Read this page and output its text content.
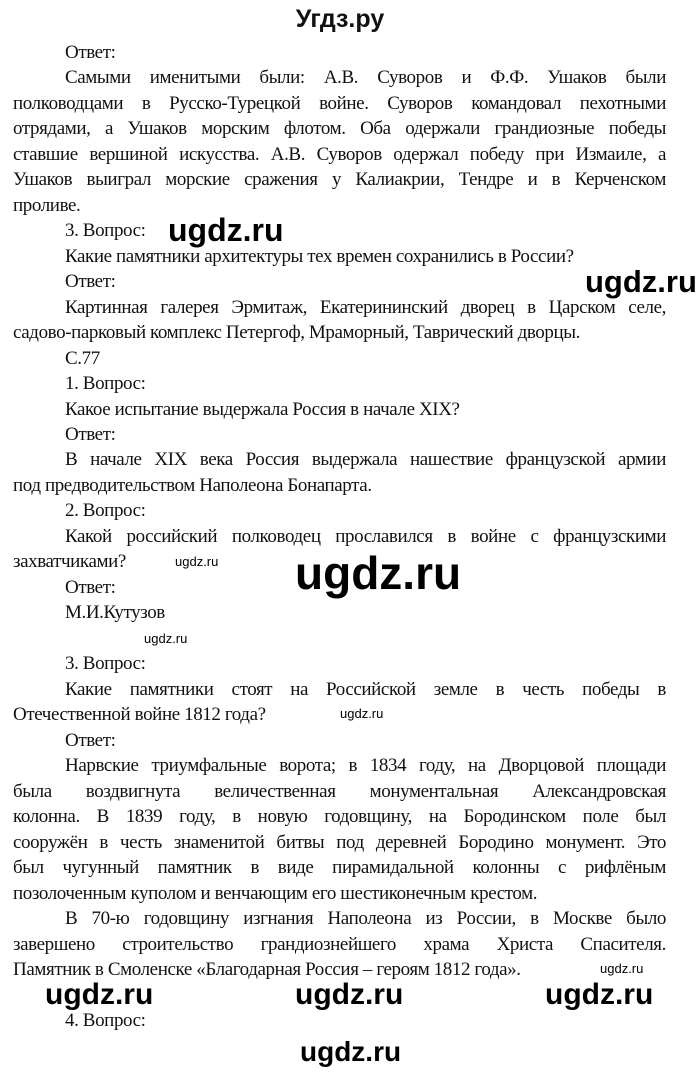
Угдз.ру
Ответ:
Самыми именитыми были: А.В. Суворов и Ф.Ф. Ушаков были
полководцами в Русско-Турецкой войне. Суворов командовал пехотными
отрядами, а Ушаков морским флотом. Оба одержали грандиозные победы
ставшие вершиной искусства. А.В. Суворов одержал победу при Измаиле, а
Ушаков выиграл морские сражения у Калиакрии, Тендре и в Керченском
проливе.
3. Вопрос:
Какие памятники архитектуры тех времен сохранились в России?
Ответ:
Картинная галерея Эрмитаж, Екатерининский дворец в Царском селе,
садово-парковый комплекс Петергоф, Мраморный, Таврический дворцы.
С.77
1. Вопрос:
Какое испытание выдержала Россия в начале XIX?
Ответ:
В начале XIX века Россия выдержала нашествие французской армии
под предводительством Наполеона Бонапарта.
2. Вопрос:
Какой российский полководец прославился в войне с французскими
захватчиками?
Ответ:
М.И.Кутузов
3. Вопрос:
Какие памятники стоят на Российской земле в честь победы в
Отечественной войне 1812 года?
Ответ:
Нарвские триумфальные ворота; в 1834 году, на Дворцовой площади
была воздвигнута величественная монументальная Александровская
колонна. В 1839 году, в новую годовщину, на Бородинском поле был
сооружён в честь знаменитой битвы под деревней Бородино монумент. Это
был чугунный памятник в виде пирамидальной колонны с рифлёным
позолоченным куполом и венчающим его шестиконечным крестом.
В 70-ю годовщину изгнания Наполеона из России, в Москве было
завершено строительство грандиознейшего храма Христа Спасителя.
Памятник в Смоленске «Благодарная Россия – героям 1812 года».
4. Вопрос:
ugdz.ru
ugdz.ru
ugdz.ru
ugdz.ru
ugdz.ru
ugdz.ru
ugdz.ru
ugdz.ru	ugdz.ru	ugdz.ru
ugdz.ru
